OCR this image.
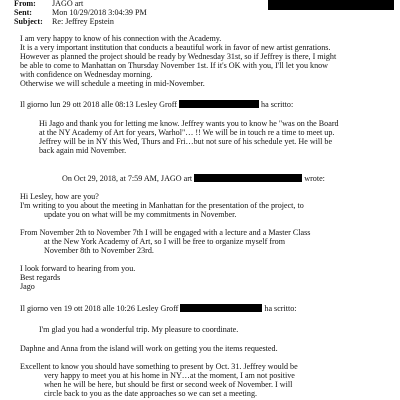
From: JAGO art
Sent: Mon 10/29/2018 3:04:39 PM
Subject: Re: Jeffrey Epstein
I am very happy to know of his connection with the Academy.
It is a very important institution that conducts a beautiful work in favor of new artist genrations.
However as planned the project should be ready by Wednesday 31st, so if Jeffrey is there, I might
be able to come to Manhattan on Thursday November 1st. If it's OK with you, I'll let you know
with confidence on Wednesday morning.
Otherwise we will schedule a meeting in mid-November.
Il giorno lun 29 ott 2018 alle 08:13 Lesley Groff	ha scritto:
Hi Jago and thank you for letting me know. Jeffrey wants you to know he "was on the Board
at the NY Academy of Art for years, Warhol"… !! We will be in touch re a time to meet up.
Jeffrey will be in NY this Wed, Thurs and Fri…but not sure of his schedule yet. He will be
back again mid November.
On Oct 29, 2018, at 7:59 AM, JAGO art	wrote:
Hi Lesley, how are you?
I'm writing to you about the meeting in Manhattan for the presentation of the project, to
update you on what will be my commitments in November.
From November 2th to November 7th I will be engaged with a lecture and a Master Class
at the New York Academy of Art, so I will be free to organize myself from
November 8th to November 23rd.
I look forward to hearing from you.
Best regards
Jago
Il giorno ven 19 ott 2018 alle 10:26 Lesley Groff	ha scritto:
I'm glad you had a wonderful trip. My pleasure to coordinate.
Daphne and Anna from the island will work on getting you the items requested.
Excellent to know you should have something to present by Oct. 31. Jeffrey would be
very happy to meet you at his home in NY…at the moment, I am not positive
when he will be here, but should be first or second week of November. I will
circle back to you as the date approaches so we can set a meeting.
